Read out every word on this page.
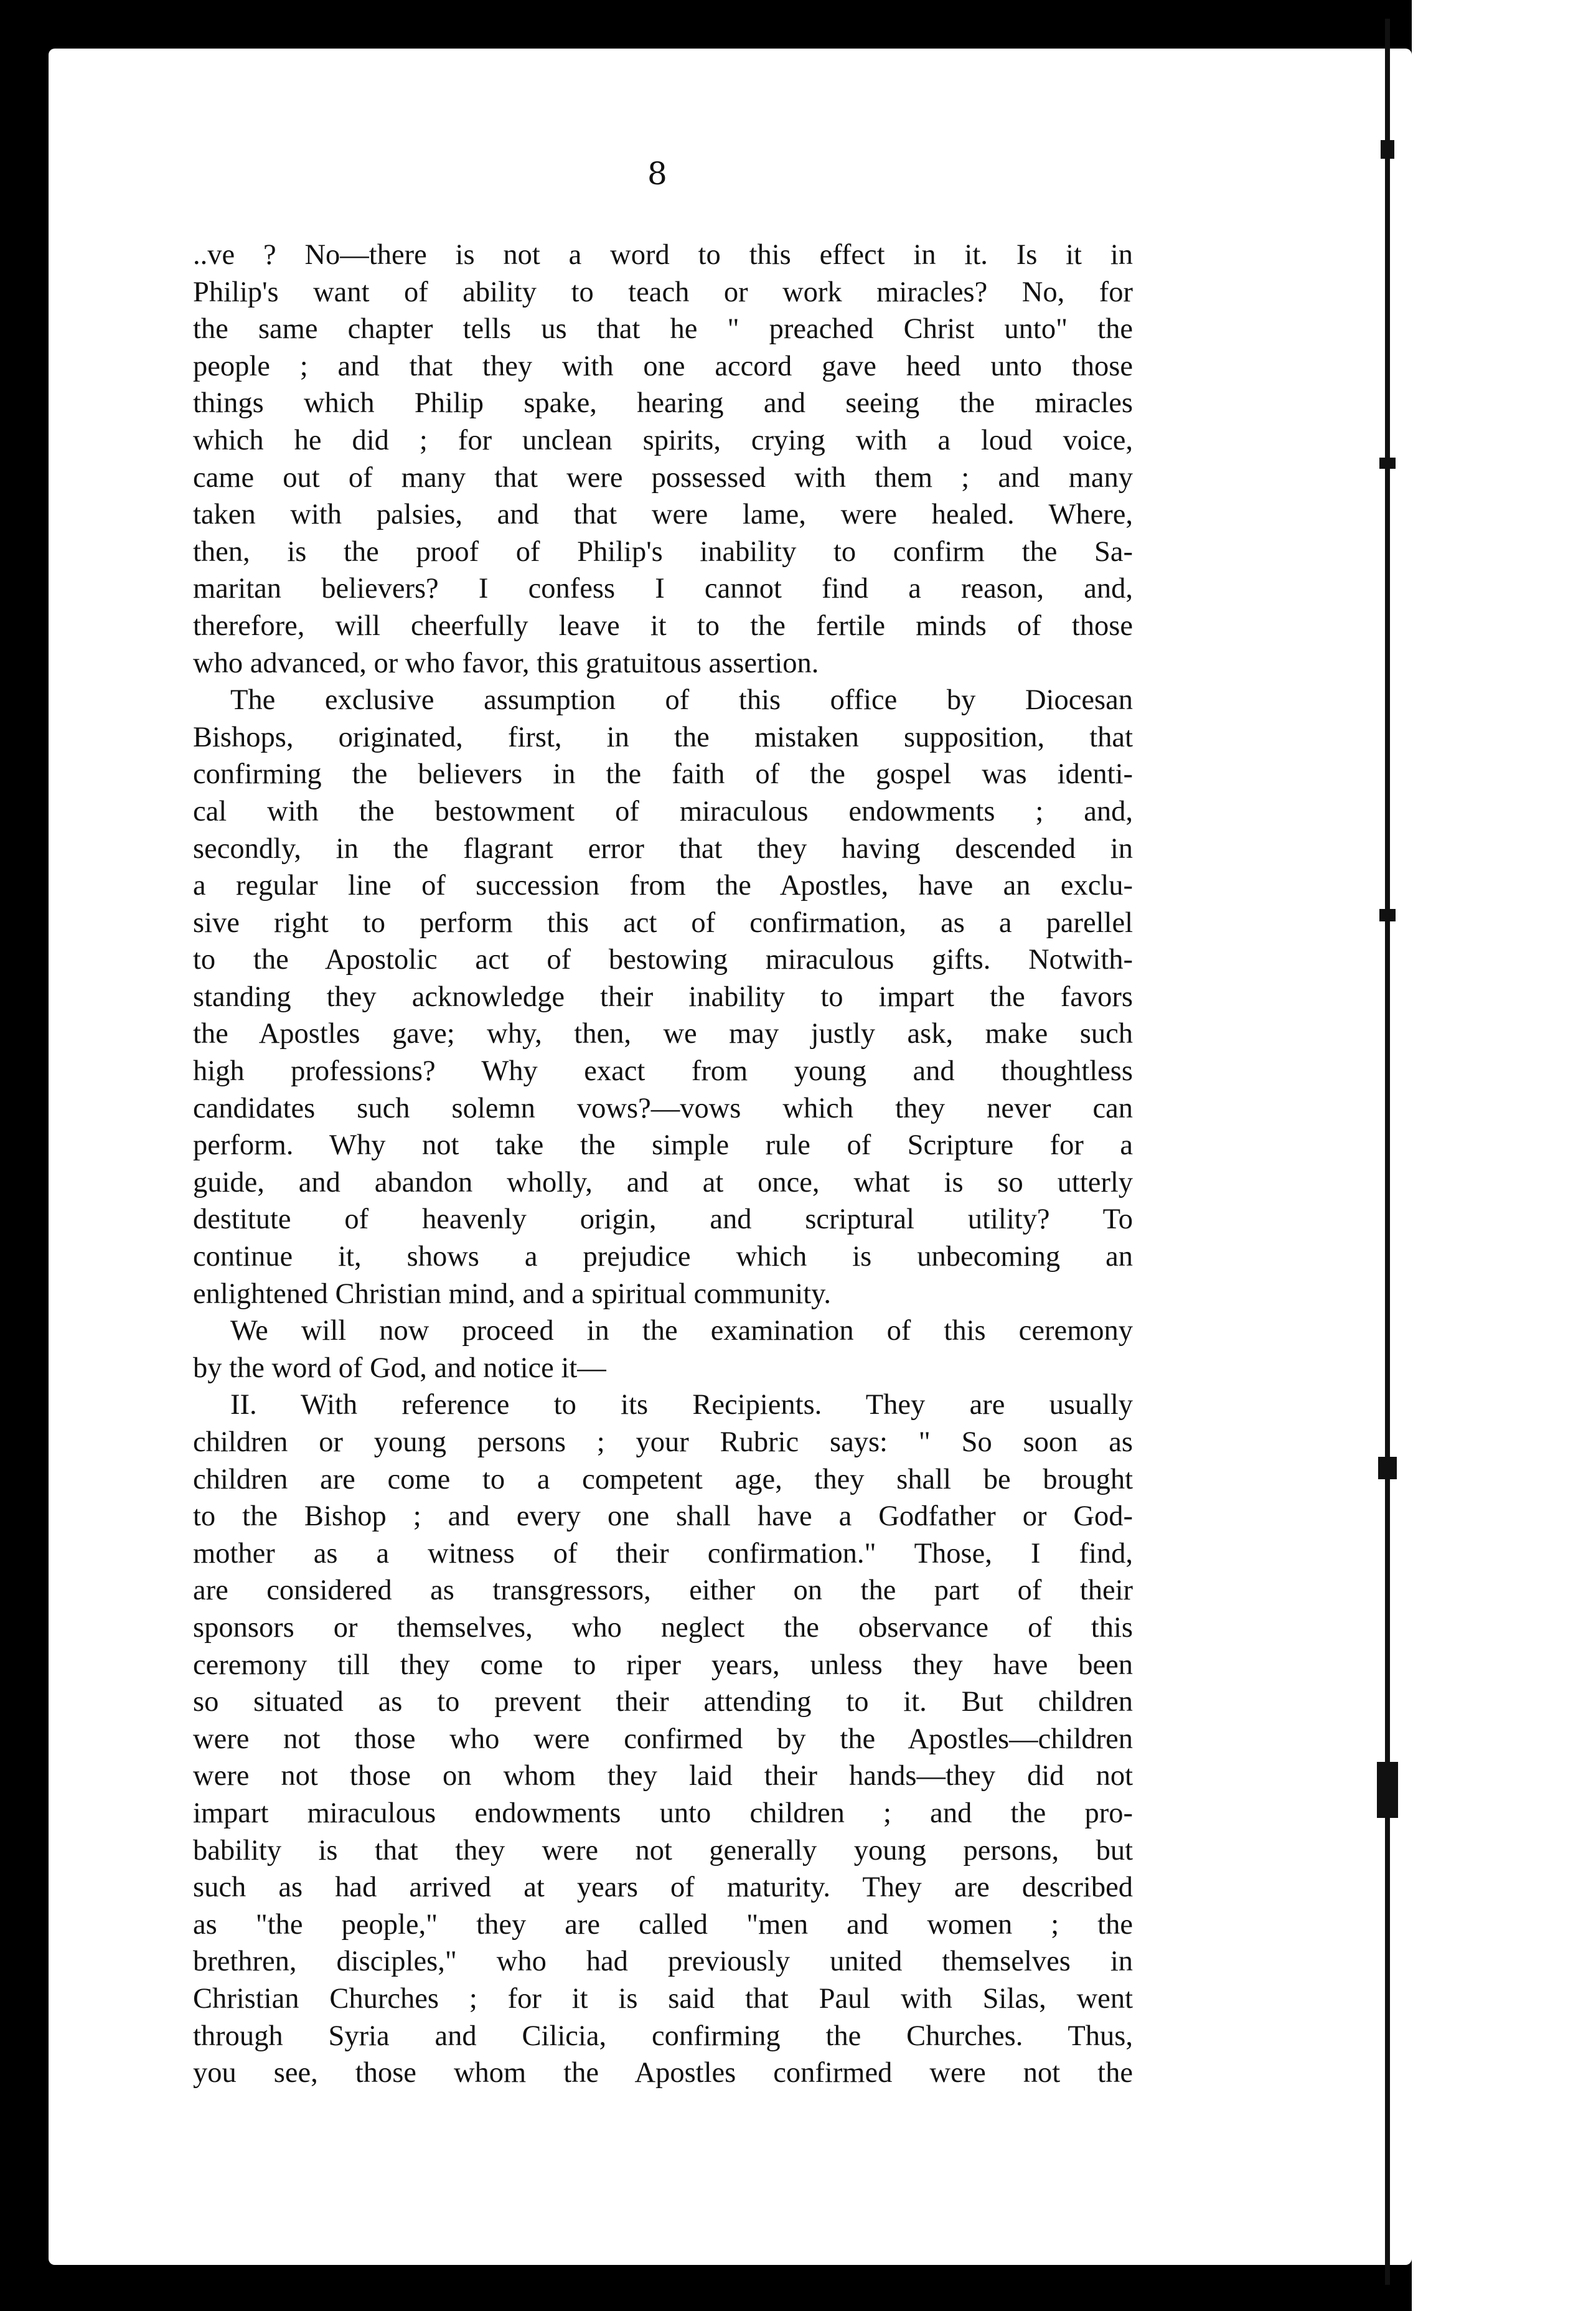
8
..ve ? No—there is not a word to this effect in it. Is it in
Philip's want of ability to teach or work miracles? No, for
the same chapter tells us that he " preached Christ unto" the
people ; and that they with one accord gave heed unto those
things which Philip spake, hearing and seeing the miracles
which he did ; for unclean spirits, crying with a loud voice,
came out of many that were possessed with them ; and many
taken with palsies, and that were lame, were healed. Where,
then, is the proof of Philip's inability to confirm the Sa-
maritan believers? I confess I cannot find a reason, and,
therefore, will cheerfully leave it to the fertile minds of those
who advanced, or who favor, this gratuitous assertion.
The exclusive assumption of this office by Diocesan
Bishops, originated, first, in the mistaken supposition, that
confirming the believers in the faith of the gospel was identi-
cal with the bestowment of miraculous endowments ; and,
secondly, in the flagrant error that they having descended in
a regular line of succession from the Apostles, have an exclu-
sive right to perform this act of confirmation, as a parellel
to the Apostolic act of bestowing miraculous gifts. Notwith-
standing they acknowledge their inability to impart the favors
the Apostles gave; why, then, we may justly ask, make such
high professions? Why exact from young and thoughtless
candidates such solemn vows?—vows which they never can
perform. Why not take the simple rule of Scripture for a
guide, and abandon wholly, and at once, what is so utterly
destitute of heavenly origin, and scriptural utility? To
continue it, shows a prejudice which is unbecoming an
enlightened Christian mind, and a spiritual community.
We will now proceed in the examination of this ceremony
by the word of God, and notice it—
II. With reference to its Recipients. They are usually
children or young persons ; your Rubric says: " So soon as
children are come to a competent age, they shall be brought
to the Bishop ; and every one shall have a Godfather or God-
mother as a witness of their confirmation." Those, I find,
are considered as transgressors, either on the part of their
sponsors or themselves, who neglect the observance of this
ceremony till they come to riper years, unless they have been
so situated as to prevent their attending to it. But children
were not those who were confirmed by the Apostles—children
were not those on whom they laid their hands—they did not
impart miraculous endowments unto children ; and the pro-
bability is that they were not generally young persons, but
such as had arrived at years of maturity. They are described
as "the people," they are called "men and women ; the
brethren, disciples," who had previously united themselves in
Christian Churches ; for it is said that Paul with Silas, went
through Syria and Cilicia, confirming the Churches. Thus,
you see, those whom the Apostles confirmed were not the
